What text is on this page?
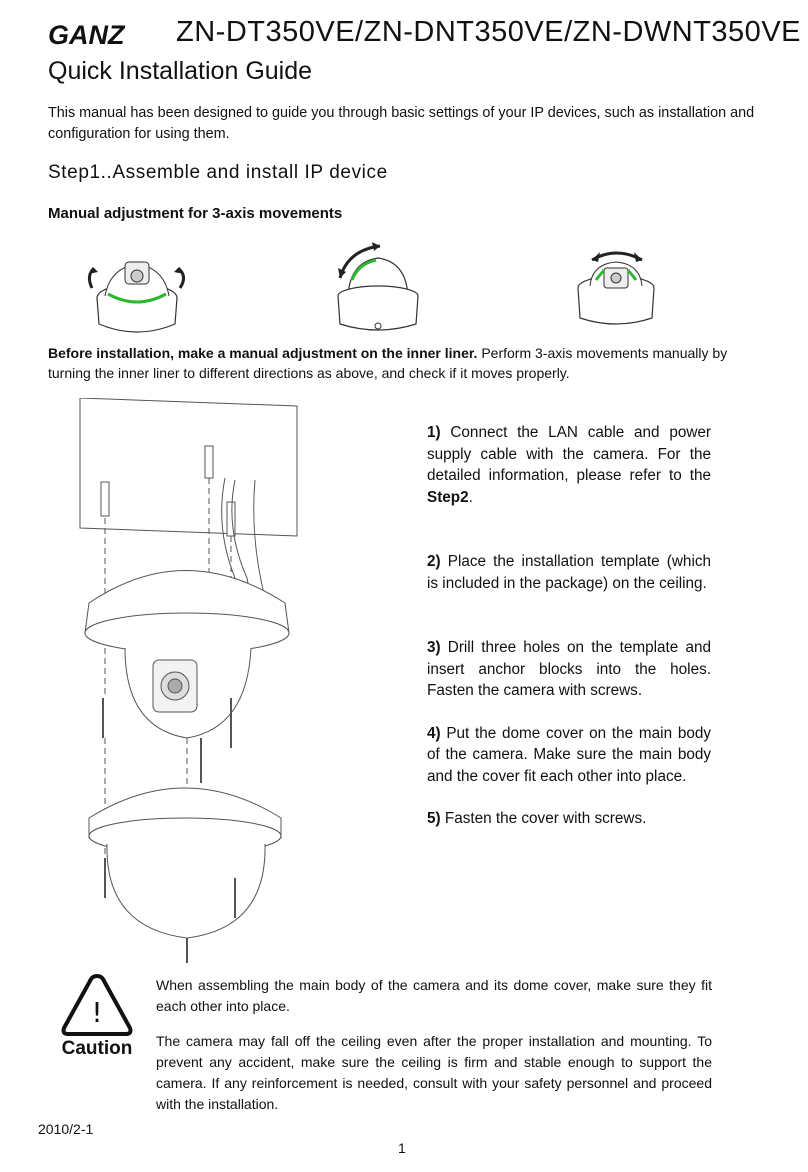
GANZ ZN-DT350VE/ZN-DNT350VE/ZN-DWNT350VE
Quick Installation Guide
This manual has been designed to guide you through basic settings of your IP devices, such as installation and configuration for using them.
Step1..Assemble and install IP device
Manual adjustment for 3-axis movements
Before installation, make a manual adjustment on the inner liner. Perform 3-axis movements manually by turning the inner liner to different directions as above, and check if it moves properly.

1) Connect the LAN cable and power supply cable with the camera. For the detailed information, please refer to the Step2.

2) Place the installation template (which is included in the package) on the ceiling.

3) Drill three holes on the template and insert anchor blocks into the holes. Fasten the camera with screws.

4) Put the dome cover on the main body of the camera. Make sure the main body and the cover fit each other into place.

5) Fasten the cover with screws.

!
Caution

When assembling the main body of the camera and its dome cover, make sure they fit each other into place.

The camera may fall off the ceiling even after the proper installation and mounting. To prevent any accident, make sure the ceiling is firm and stable enough to support the camera. If any reinforcement is needed, consult with your safety personnel and proceed with the installation.

2010/2-1
1
